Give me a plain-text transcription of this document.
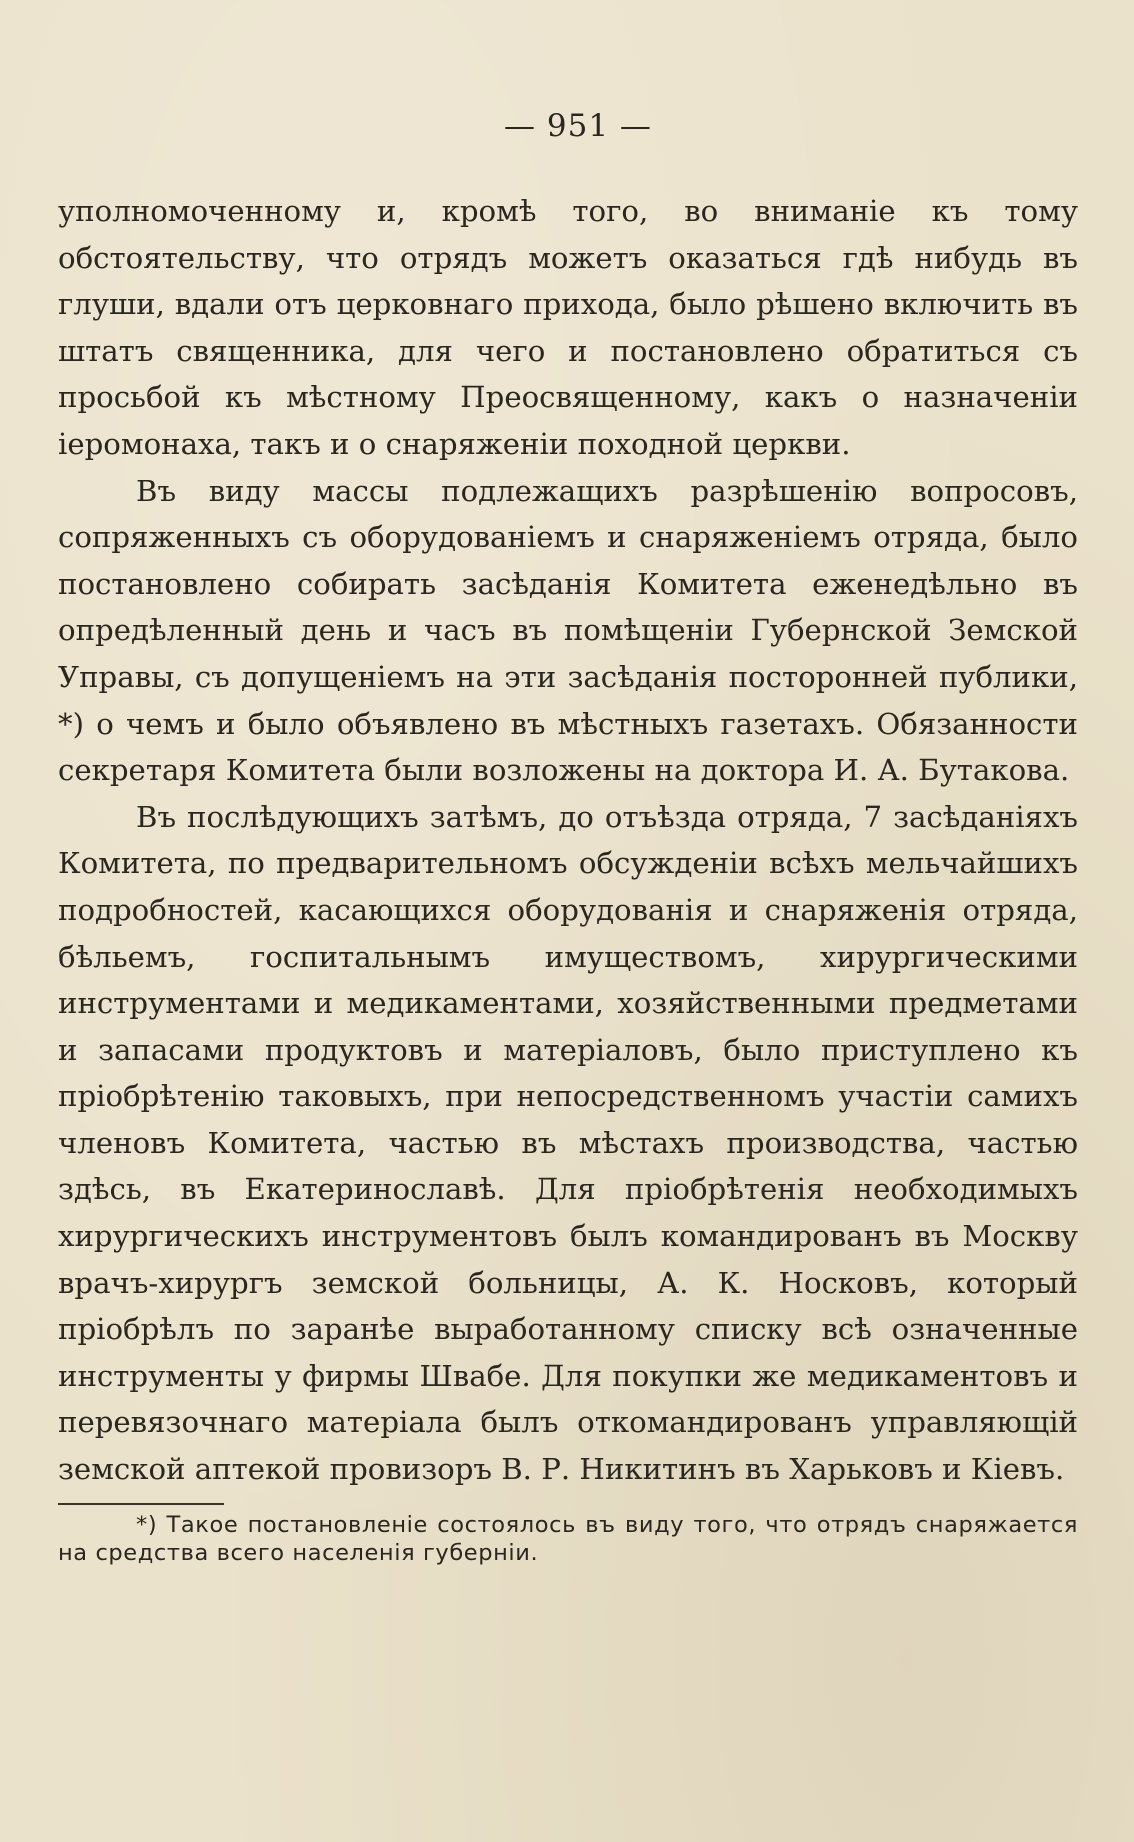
— 951 —

уполномоченному и, кромѣ того, во вниманіе къ тому обстоятельству, что отрядъ можетъ оказаться гдѣ нибудь въ глуши, вдали отъ церковнаго прихода, было рѣшено включить въ штатъ священника, для чего и постановлено обратиться съ просьбой къ мѣстному Преосвященному, какъ о назначеніи іеромонаха, такъ и о снаряженіи походной церкви.

Въ виду массы подлежащихъ разрѣшенію вопросовъ, сопряженныхъ съ оборудованіемъ и снаряженіемъ отряда, было постановлено собирать засѣданія Комитета еженедѣльно въ опредѣленный день и часъ въ помѣщеніи Губернской Земской Управы, съ допущеніемъ на эти засѣданія посторонней публики, *) о чемъ и было объявлено въ мѣстныхъ газетахъ. Обязанности секретаря Комитета были возложены на доктора И. А. Бутакова.

Въ послѣдующихъ затѣмъ, до отъѣзда отряда, 7 засѣданіяхъ Комитета, по предварительномъ обсужденіи всѣхъ мельчайшихъ подробностей, касающихся оборудованія и снаряженія отряда, бѣльемъ, госпитальнымъ имуществомъ, хирургическими инструментами и медикаментами, хозяйственными предметами и запасами продуктовъ и матеріаловъ, было приступлено къ пріобрѣтенію таковыхъ, при непосредственномъ участіи самихъ членовъ Комитета, частью въ мѣстахъ производства, частью здѣсь, въ Екатеринославѣ. Для пріобрѣтенія необходимыхъ хирургическихъ инструментовъ былъ командированъ въ Москву врачъ-хирургъ земской больницы, А. К. Носковъ, который пріобрѣлъ по заранѣе выработанному списку всѣ означенные инструменты у фирмы Швабе. Для покупки же медикаментовъ и перевязочнаго матеріала былъ откомандированъ управляющій земской аптекой провизоръ В. Р. Никитинъ въ Харьковъ и Кіевъ.

*) Такое постановленіе состоялось въ виду того, что отрядъ снаряжается на средства всего населенія губерніи.
